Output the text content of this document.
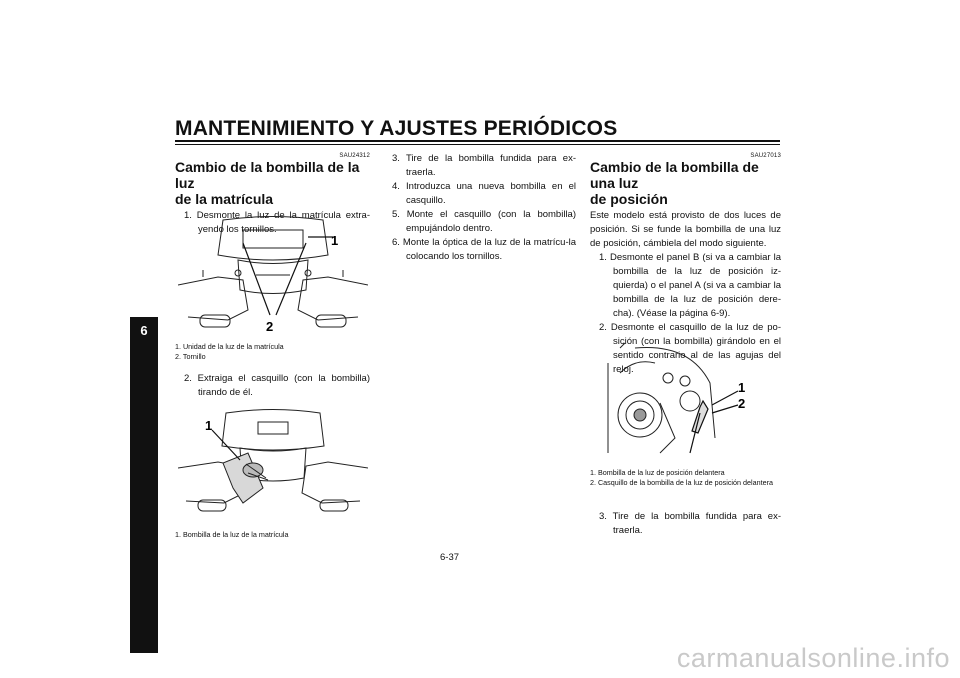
MANTENIMIENTO Y AJUSTES PERIÓDICOS
6
SAU24312
Cambio de la bombilla de la luz
de la matrícula
1. Desmonte la luz de la matrícula extra-yendo los tornillos.
1
2
1. Unidad de la luz de la matrícula
2. Tornillo
2. Extraiga el casquillo (con la bombilla) tirando de él.
1
1. Bombilla de la luz de la matrícula
3. Tire de la bombilla fundida para ex-traerla.
4. Introduzca una nueva bombilla en el casquillo.
5. Monte el casquillo (con la bombilla) empujándolo dentro.
6. Monte la óptica de la luz de la matrícu-la colocando los tornillos.
SAU27013
Cambio de la bombilla de una luz
de posición
Este modelo está provisto de dos luces de posición. Si se funde la bombilla de una luz de posición, cámbiela del modo siguiente.
1. Desmonte el panel B (si va a cambiar la bombilla de la luz de posición iz-quierda) o el panel A (si va a cambiar la bombilla de la luz de posición dere-cha). (Véase la página 6-9).
2. Desmonte el casquillo de la luz de po-sición (con la bombilla) girándolo en el sentido contrario al de las agujas del reloj.
1
2
1. Bombilla de la luz de posición delantera
2. Casquillo de la bombilla de la luz de posición delantera
3. Tire de la bombilla fundida para ex-traerla.
6-37
carmanualsonline.info
